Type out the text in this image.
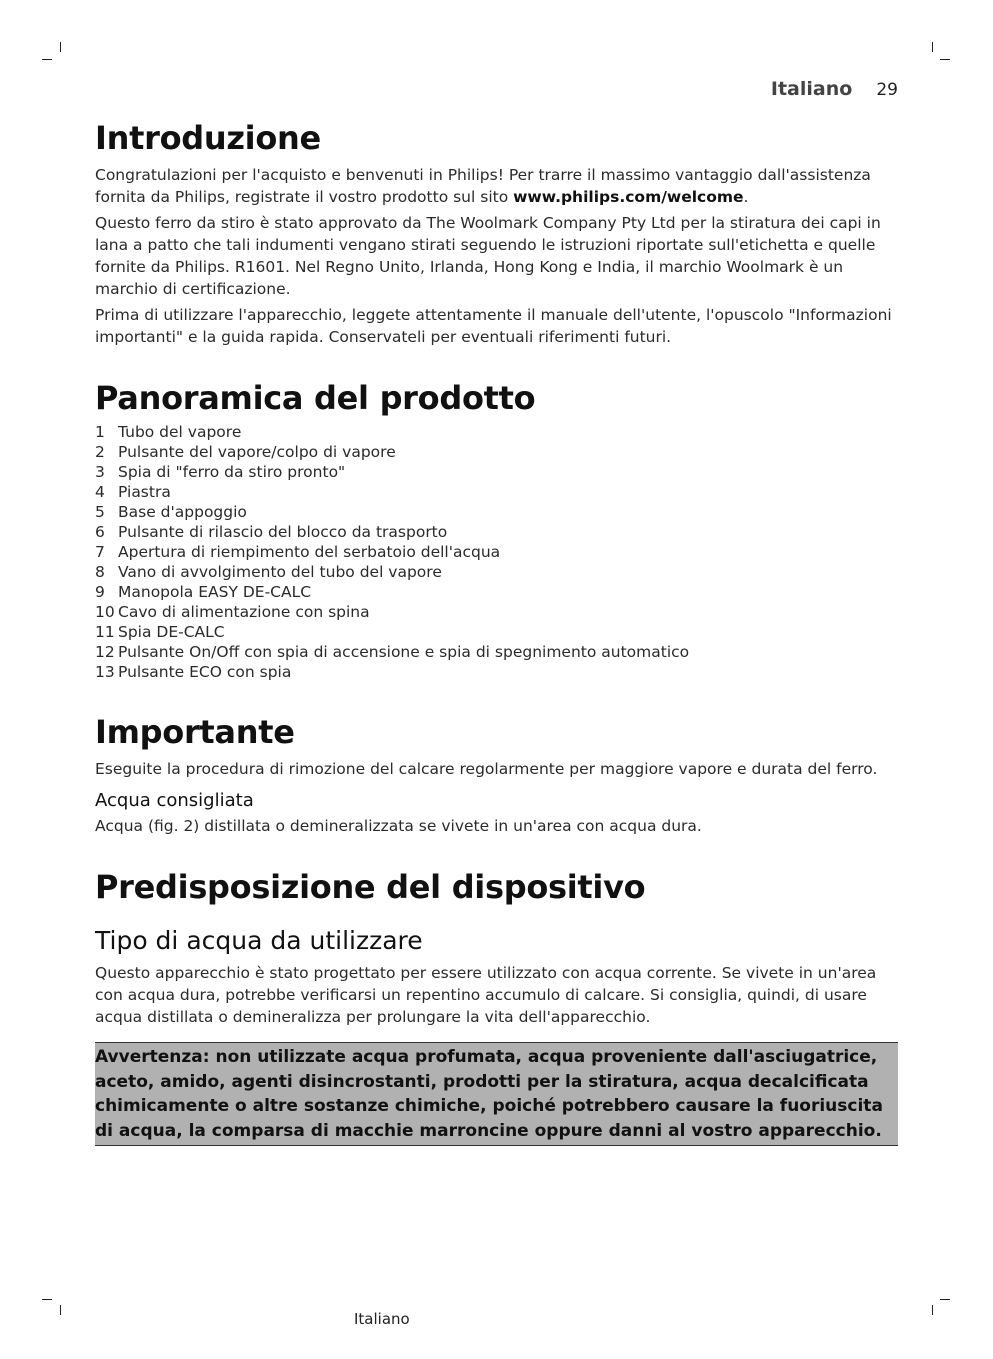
Italiano 29
Introduzione

Congratulazioni per l'acquisto e benvenuti in Philips! Per trarre il massimo vantaggio dall'assistenza fornita da Philips, registrate il vostro prodotto sul sito www.philips.com/welcome.

Questo ferro da stiro è stato approvato da The Woolmark Company Pty Ltd per la stiratura dei capi in lana a patto che tali indumenti vengano stirati seguendo le istruzioni riportate sull'etichetta e quelle fornite da Philips. R1601. Nel Regno Unito, Irlanda, Hong Kong e India, il marchio Woolmark è un marchio di certificazione.

Prima di utilizzare l'apparecchio, leggete attentamente il manuale dell'utente, l'opuscolo "Informazioni importanti" e la guida rapida. Conservateli per eventuali riferimenti futuri.

Panoramica del prodotto
1 Tubo del vapore
2 Pulsante del vapore/colpo di vapore
3 Spia di "ferro da stiro pronto"
4 Piastra
5 Base d'appoggio
6 Pulsante di rilascio del blocco da trasporto
7 Apertura di riempimento del serbatoio dell'acqua
8 Vano di avvolgimento del tubo del vapore
9 Manopola EASY DE-CALC
10 Cavo di alimentazione con spina
11 Spia DE-CALC
12 Pulsante On/Off con spia di accensione e spia di spegnimento automatico
13 Pulsante ECO con spia
Importante

Eseguite la procedura di rimozione del calcare regolarmente per maggiore vapore e durata del ferro.

Acqua consigliata

Acqua (fig. 2) distillata o demineralizzata se vivete in un'area con acqua dura.

Predisposizione del dispositivo
Tipo di acqua da utilizzare

Questo apparecchio è stato progettato per essere utilizzato con acqua corrente. Se vivete in un'area con acqua dura, potrebbe verificarsi un repentino accumulo di calcare. Si consiglia, quindi, di usare acqua distillata o demineralizza per prolungare la vita dell'apparecchio.

Avvertenza: non utilizzate acqua profumata, acqua proveniente dall'asciugatrice, aceto, amido, agenti disincrostanti, prodotti per la stiratura, acqua decalcificata chimicamente o altre sostanze chimiche, poiché potrebbero causare la fuoriuscita di acqua, la comparsa di macchie marroncine oppure danni al vostro apparecchio.
Italiano
